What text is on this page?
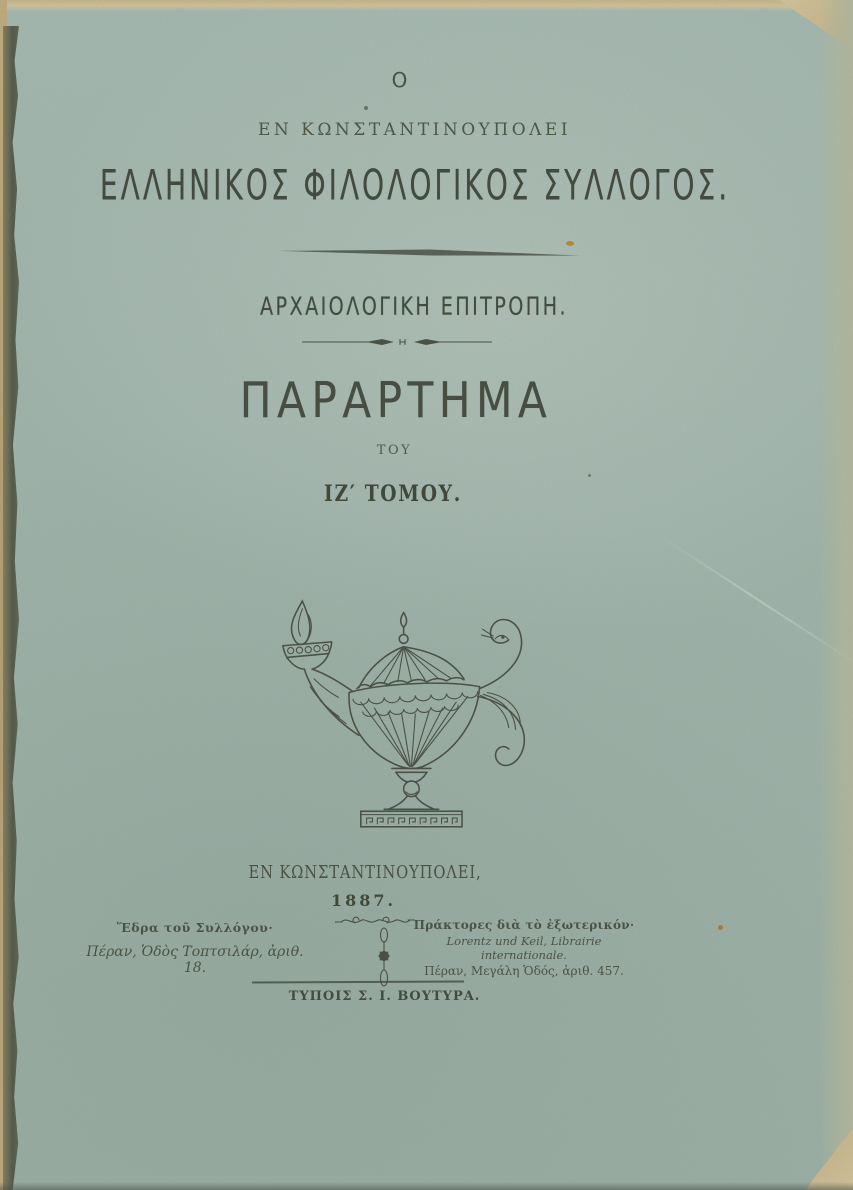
Ο
ΕΝ ΚΩΝΣΤΑΝΤΙΝΟΥΠΟΛΕΙ
ΕΛΛΗΝΙΚΟΣ ΦΙΛΟΛΟΓΙΚΟΣ ΣΥΛΛΟΓΟΣ.
ΑΡΧΑΙΟΛΟΓΙΚΗ ΕΠΙΤΡΟΠΗ.
ΠΑΡΑΡΤΗΜΑ
ΤΟΥ
ΙΖ′ ΤΟΜΟΥ.
ΕΝ ΚΩΝΣΤΑΝΤΙΝΟΥΠΟΛΕΙ,
1887.
Ἕδρα τοῦ Συλλόγου·
Πέραν, Ὁδὸς Τοπτσιλάρ, ἀριθ. 18.
Πράκτορες διὰ τὸ ἐξωτερικόν·
Lorentz und Keil, Librairie internationale.
Πέραν, Μεγάλη Ὁδός, ἀριθ. 457.
ΤΥΠΟΙΣ Σ. Ι. ΒΟΥΤΥΡΑ.
